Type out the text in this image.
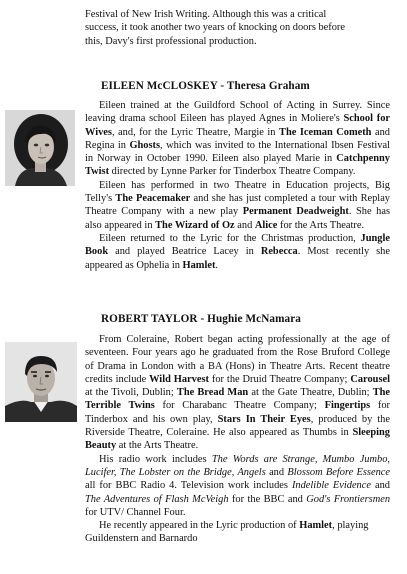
Festival of New Irish Writing. Although this was a critical
success, it took another two years of knocking on doors before
this, Davy's first professional production.

EILEEN McCLOSKEY - Theresa Graham

Eileen trained at the Guildford School of Acting in Surrey. Since leaving drama school Eileen has played Agnes in Moliere's School for Wives, and, for the Lyric Theatre, Margie in The Iceman Cometh and Regina in Ghosts, which was invited to the International Ibsen Festival in Norway in October 1990. Eileen also played Marie in Catchpenny Twist directed by Lynne Parker for Tinderbox Theatre Company.

Eileen has performed in two Theatre in Education projects, Big Telly's The Peacemaker and she has just completed a tour with Replay Theatre Company with a new play Permanent Deadweight. She has also appeared in The Wizard of Oz and Alice for the Arts Theatre.

Eileen returned to the Lyric for the Christmas production, Jungle Book and played Beatrice Lacey in Rebecca. Most recently she appeared as Ophelia in Hamlet.

ROBERT TAYLOR - Hughie McNamara

From Coleraine, Robert began acting professionally at the age of seventeen. Four years ago he graduated from the Rose Bruford College of Drama in London with a BA (Hons) in Theatre Arts. Recent theatre credits include Wild Harvest for the Druid Theatre Company; Carousel at the Tivoli, Dublin; The Bread Man at the Gate Theatre, Dublin; The Terrible Twins for Charabanc Theatre Company; Fingertips for Tinderbox and his own play, Stars In Their Eyes, produced by the Riverside Theatre, Coleraine. He also appeared as Thumbs in Sleeping Beauty at the Arts Theatre.

His radio work includes The Words are Strange, Mumbo Jumbo, Lucifer, The Lobster on the Bridge, Angels and Blossom Before Essence all for BBC Radio 4. Television work includes Indelible Evidence and The Adventures of Flash McVeigh for the BBC and God's Frontiersmen for UTV/ Channel Four.

He recently appeared in the Lyric production of Hamlet, playing Guildenstern and Barnardo
